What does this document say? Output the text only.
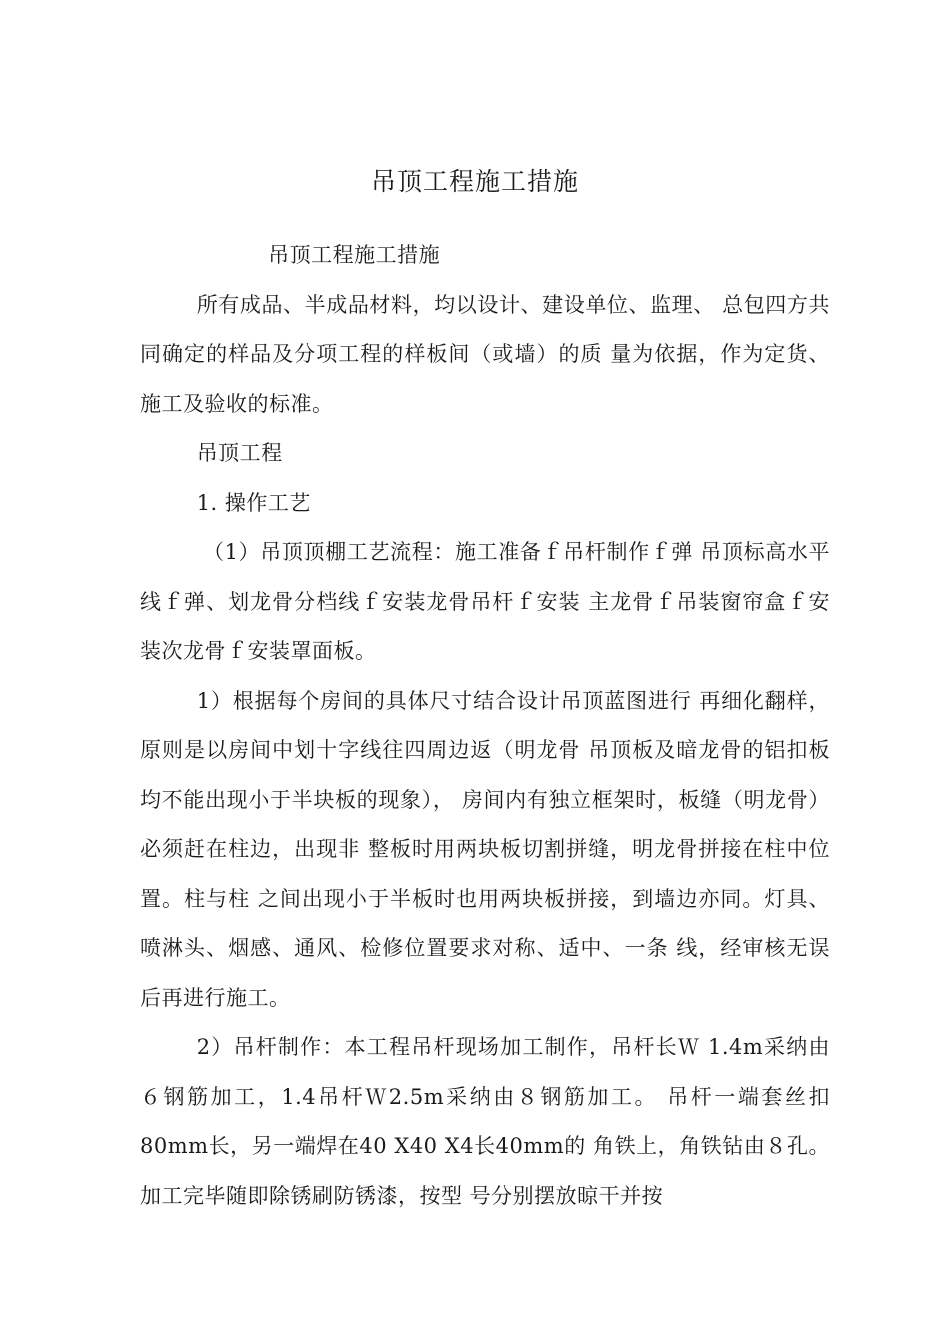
吊顶工程施工措施

吊顶工程施工措施

所有成品、半成品材料，均以设计、建设单位、监理、 总包四方共同确定的样品及分项工程的样板间（或墙）的质 量为依据，作为定货、施工及验收的标准。

吊顶工程

1. 操作工艺

（1）吊顶顶棚工艺流程：施工准备ｆ吊杆制作ｆ弹 吊顶标高水平线ｆ弹、划龙骨分档线ｆ安装龙骨吊杆ｆ安装 主龙骨ｆ吊装窗帘盒ｆ安装次龙骨ｆ安装罩面板。

1）根据每个房间的具体尺寸结合设计吊顶蓝图进行 再细化翻样，原则是以房间中划十字线往四周边返（明龙骨 吊顶板及暗龙骨的铝扣板均不能出现小于半块板的现象）， 房间内有独立框架时，板缝（明龙骨）必须赶在柱边，出现非 整板时用两块板切割拼缝，明龙骨拼接在柱中位置。柱与柱 之间出现小于半板时也用两块板拼接，到墙边亦同。灯具、 喷淋头、烟感、通风、检修位置要求对称、适中、一条 线，经审核无误后再进行施工。

2）吊杆制作：本工程吊杆现场加工制作，吊杆长Ｗ 1.4m采纳由６钢筋加工，1.4吊杆Ｗ2.5m采纳由８钢筋加工。 吊杆一端套丝扣80mm长，另一端焊在40 X40 X4长40mm的 角铁上，角铁钻由８孔。加工完毕随即除锈刷防锈漆，按型 号分别摆放晾干并按
